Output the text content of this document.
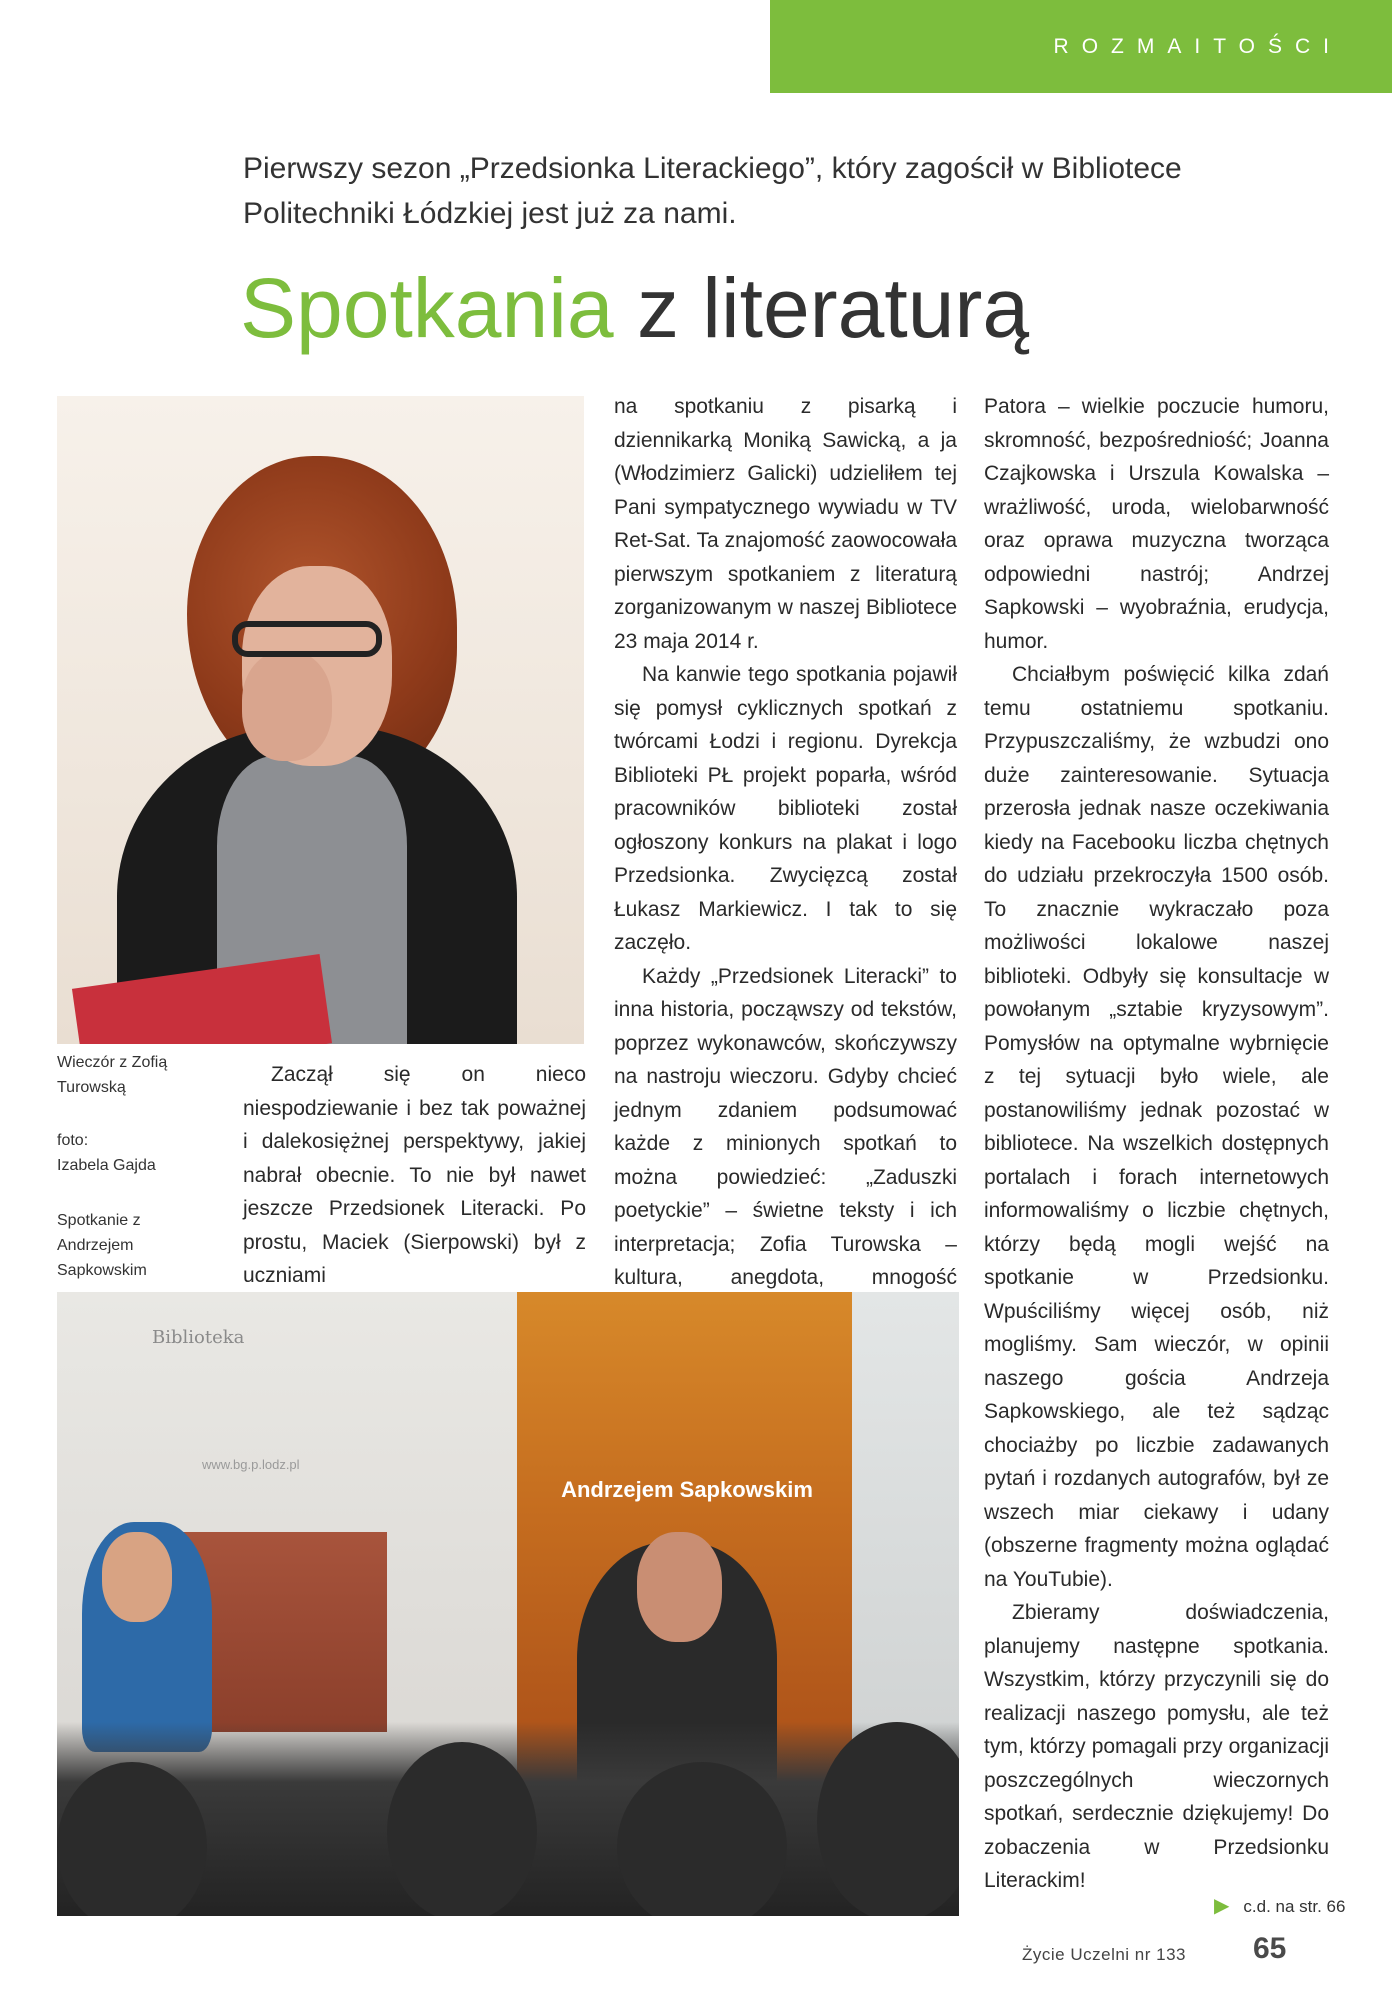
ROZMAITOŚCI
Pierwszy sezon „Przedsionka Literackiego”, który zagościł w Bibliotece Politechniki Łódzkiej jest już za nami.
Spotkania z literaturą
Wieczór z Zofią Turowską
foto:
Izabela Gajda
Spotkanie z Andrzejem Sapkowskim

Zaczął się on nieco niespodziewanie i bez tak poważnej i dalekosiężnej perspektywy, jakiej nabrał obecnie. To nie był nawet jeszcze Przedsionek Literacki. Po prostu, Maciek (Sierpowski) był z uczniami

na spotkaniu z pisarką i dziennikarką Moniką Sawicką, a ja (Włodzimierz Galicki) udzieliłem tej Pani sympatycznego wywiadu w TV Ret-Sat. Ta znajomość zaowocowała pierwszym spotkaniem z literaturą zorganizowanym w naszej Bibliotece 23 maja 2014 r.

Na kanwie tego spotkania pojawił się pomysł cyklicznych spotkań z twórcami Łodzi i regionu. Dyrekcja Biblioteki PŁ projekt poparła, wśród pracowników biblioteki został ogłoszony konkurs na plakat i logo Przedsionka. Zwycięzcą został Łukasz Markiewicz. I tak to się zaczęło.

Każdy „Przedsionek Literacki” to inna historia, począwszy od tekstów, poprzez wykonawców, skończywszy na nastroju wieczoru. Gdyby chcieć jednym zdaniem podsumować każde z minionych spotkań to można powiedzieć: „Zaduszki poetyckie” – świetne teksty i ich interpretacja; Zofia Turowska – kultura, anegdota, mnogość

Patora – wielkie poczucie humoru, skromność, bezpośredniość; Joanna Czajkowska i Urszula Kowalska – wrażliwość, uroda, wielobarwność oraz oprawa muzyczna tworząca odpowiedni nastrój; Andrzej Sapkowski – wyobraźnia, erudycja, humor.

Chciałbym poświęcić kilka zdań temu ostatniemu spotkaniu. Przypuszczaliśmy, że wzbudzi ono duże zainteresowanie. Sytuacja przerosła jednak nasze oczekiwania kiedy na Facebooku liczba chętnych do udziału przekroczyła 1500 osób. To znacznie wykraczało poza możliwości lokalowe naszej biblioteki. Odbyły się konsultacje w powołanym „sztabie kryzysowym”. Pomysłów na optymalne wybrnięcie z tej sytuacji było wiele, ale postanowiliśmy jednak pozostać w bibliotece. Na wszelkich dostępnych portalach i forach internetowych informowaliśmy o liczbie chętnych, którzy będą mogli wejść na spotkanie w Przedsionku. Wpuściliśmy więcej osób, niż mogliśmy. Sam wieczór, w opinii naszego gościa Andrzeja Sapkowskiego, ale też sądząc chociażby po liczbie zadawanych pytań i rozdanych autografów, był ze wszech miar ciekawy i udany (obszerne fragmenty można oglądać na YouTubie).

Zbieramy doświadczenia, planujemy następne spotkania. Wszystkim, którzy przyczynili się do realizacji naszego pomysłu, ale też tym, którzy pomagali przy organizacji poszczególnych wieczornych spotkań, serdecznie dziękujemy! Do zobaczenia w Przedsionku Literackim!

Biblioteka
www.bg.p.lodz.pl
Andrzejem Sapkowskim
▶ c.d. na str. 66
Życie Uczelni nr 133 65
